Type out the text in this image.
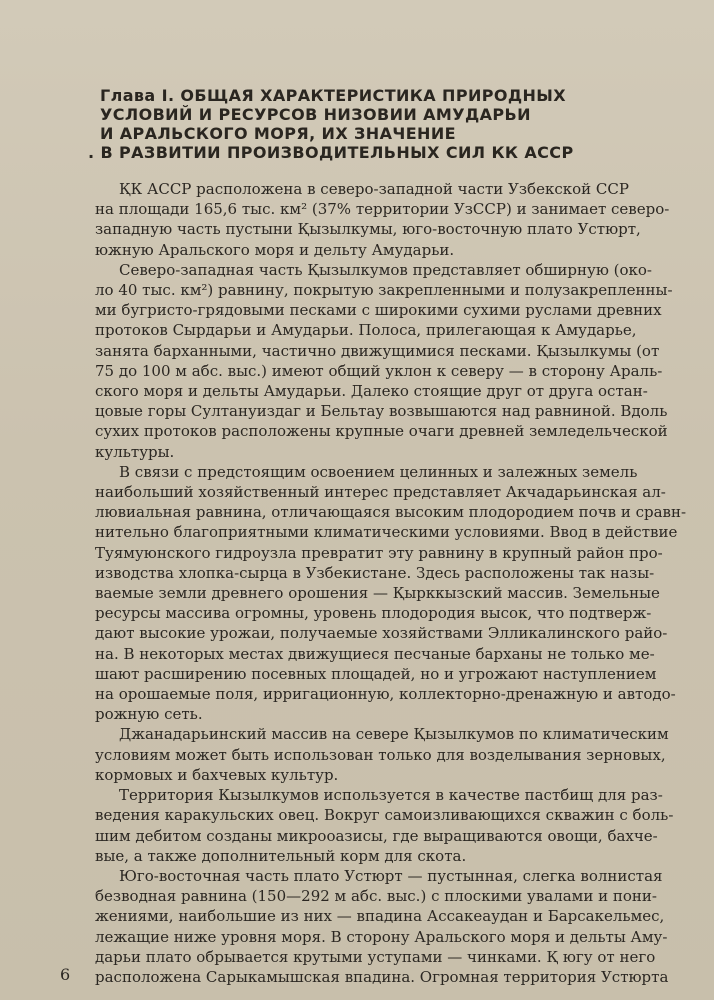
Глава I. ОБЩАЯ ХАРАКТЕРИСТИКА ПРИРОДНЫХ
УСЛОВИЙ И РЕСУРСОВ НИЗОВИИ АМУДАРЬИ
И АРАЛЬСКОГО МОРЯ, ИХ ЗНАЧЕНИЕ
. В РАЗВИТИИ ПРОИЗВОДИТЕЛЬНЫХ СИЛ КК АССР
ҚК АССР расположена в северо-западной части Узбекской ССР
на площади 165,6 тыс. км² (37% территории УзССР) и занимает северо-
западную часть пустыни Қызылкумы, юго-восточную плато Устюрт,
южную Аральского моря и дельту Амударьи.
Северо-западная часть Қызылкумов представляет обширную (око-
ло 40 тыс. км²) равнину, покрытую закрепленными и полузакрепленны-
ми бугристо-грядовыми песками с широкими сухими руслами древних
протоков Сырдарьи и Амударьи. Полоса, прилегающая к Амударье,
занята барханными, частично движущимися песками. Қызылкумы (от
75 до 100 м абс. выс.) имеют общий уклон к северу — в сторону Араль-
ского моря и дельты Амударьи. Далеко стоящие друг от друга остан-
цовые горы Султануиздаг и Бельтау возвышаются над равниной. Вдоль
сухих протоков расположены крупные очаги древней земледельческой
культуры.
В связи с предстоящим освоением целинных и залежных земель
наибольший хозяйственный интерес представляет Акчадарьинская ал-
лювиальная равнина, отличающаяся высоким плодородием почв и сравн-
нительно благоприятными климатическими условиями. Ввод в действие
Туямуюнского гидроузла превратит эту равнину в крупный район про-
изводства хлопка-сырца в Узбекистане. Здесь расположены так назы-
ваемые земли древнего орошения — Қырккызский массив. Земельные
ресурсы массива огромны, уровень плодородия высок, что подтверж-
дают высокие урожаи, получаемые хозяйствами Элликалинского райо-
на. В некоторых местах движущиеся песчаные барханы не только ме-
шают расширению посевных площадей, но и угрожают наступлением
на орошаемые поля, ирригационную, коллекторно-дренажную и автодо-
рожную сеть.
Джанадарьинский массив на севере Қызылкумов по климатическим
условиям может быть использован только для возделывания зерновых,
кормовых и бахчевых культур.
Территория Кызылкумов используется в качестве пастбищ для раз-
ведения каракульских овец. Вокруг самоизливающихся скважин с боль-
шим дебитом созданы микрооазисы, где выращиваются овощи, бахче-
вые, а также дополнительный корм для скота.
Юго-восточная часть плато Устюрт — пустынная, слегка волнистая
безводная равнина (150—292 м абс. выс.) с плоскими увалами и пони-
жениями, наибольшие из них — впадина Ассакеаудан и Барсакельмес,
лежащие ниже уровня моря. В сторону Аральского моря и дельты Аму-
дарьи плато обрывается крутыми уступами — чинками. Қ югу от него
расположена Сарыкамышская впадина. Огромная территория Устюрта
6
